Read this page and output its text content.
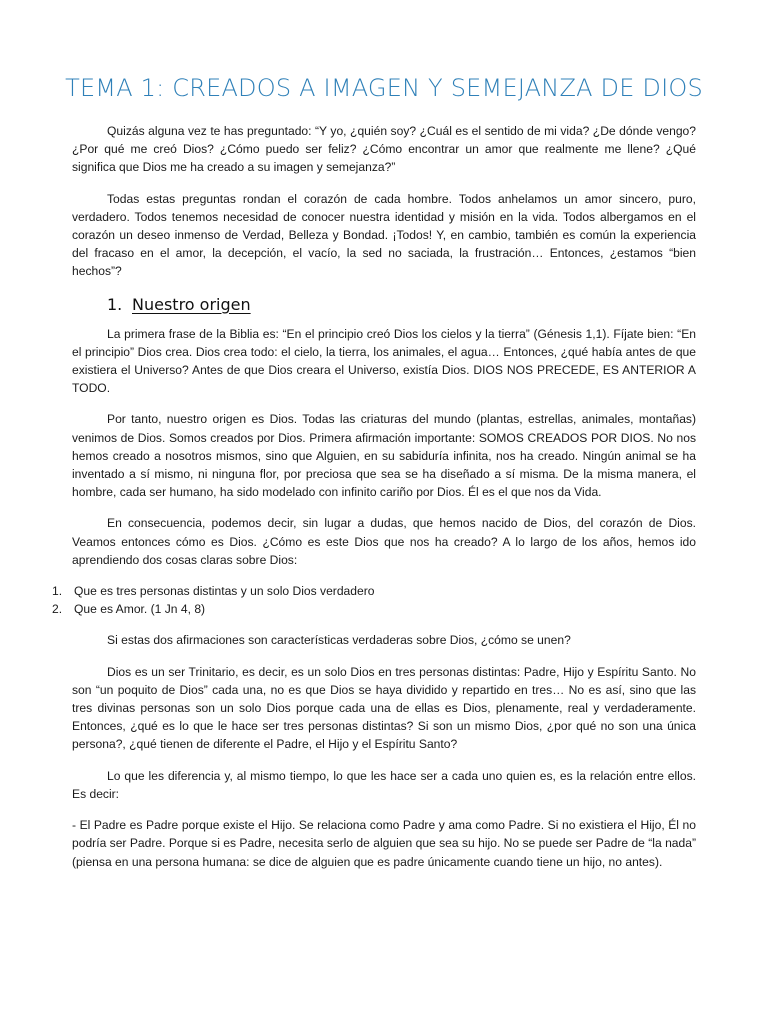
TEMA 1: CREADOS A IMAGEN Y SEMEJANZA DE DIOS

Quizás alguna vez te has preguntado: “Y yo, ¿quién soy? ¿Cuál es el sentido de mi vida? ¿De dónde vengo? ¿Por qué me creó Dios? ¿Cómo puedo ser feliz? ¿Cómo encontrar un amor que realmente me llene? ¿Qué significa que Dios me ha creado a su imagen y semejanza?”

Todas estas preguntas rondan el corazón de cada hombre. Todos anhelamos un amor sincero, puro, verdadero. Todos tenemos necesidad de conocer nuestra identidad y misión en la vida. Todos albergamos en el corazón un deseo inmenso de Verdad, Belleza y Bondad. ¡Todos! Y, en cambio, también es común la experiencia del fracaso en el amor, la decepción, el vacío, la sed no saciada, la frustración… Entonces, ¿estamos “bien hechos”?

1. Nuestro origen

La primera frase de la Biblia es: “En el principio creó Dios los cielos y la tierra” (Génesis 1,1). Fíjate bien: “En el principio” Dios crea. Dios crea todo: el cielo, la tierra, los animales, el agua… Entonces, ¿qué había antes de que existiera el Universo? Antes de que Dios creara el Universo, existía Dios. DIOS NOS PRECEDE, ES ANTERIOR A TODO.

Por tanto, nuestro origen es Dios. Todas las criaturas del mundo (plantas, estrellas, animales, montañas) venimos de Dios. Somos creados por Dios. Primera afirmación importante: SOMOS CREADOS POR DIOS. No nos hemos creado a nosotros mismos, sino que Alguien, en su sabiduría infinita, nos ha creado. Ningún animal se ha inventado a sí mismo, ni ninguna flor, por preciosa que sea se ha diseñado a sí misma. De la misma manera, el hombre, cada ser humano, ha sido modelado con infinito cariño por Dios. Él es el que nos da Vida.

En consecuencia, podemos decir, sin lugar a dudas, que hemos nacido de Dios, del corazón de Dios. Veamos entonces cómo es Dios. ¿Cómo es este Dios que nos ha creado? A lo largo de los años, hemos ido aprendiendo dos cosas claras sobre Dios:

1. Que es tres personas distintas y un solo Dios verdadero
2. Que es Amor. (1 Jn 4, 8)

Si estas dos afirmaciones son características verdaderas sobre Dios, ¿cómo se unen?

Dios es un ser Trinitario, es decir, es un solo Dios en tres personas distintas: Padre, Hijo y Espíritu Santo. No son “un poquito de Dios” cada una, no es que Dios se haya dividido y repartido en tres… No es así, sino que las tres divinas personas son un solo Dios porque cada una de ellas es Dios, plenamente, real y verdaderamente. Entonces, ¿qué es lo que le hace ser tres personas distintas? Si son un mismo Dios, ¿por qué no son una única persona?, ¿qué tienen de diferente el Padre, el Hijo y el Espíritu Santo?

Lo que les diferencia y, al mismo tiempo, lo que les hace ser a cada uno quien es, es la relación entre ellos. Es decir:

- El Padre es Padre porque existe el Hijo. Se relaciona como Padre y ama como Padre. Si no existiera el Hijo, Él no podría ser Padre. Porque si es Padre, necesita serlo de alguien que sea su hijo. No se puede ser Padre de “la nada” (piensa en una persona humana: se dice de alguien que es padre únicamente cuando tiene un hijo, no antes).
